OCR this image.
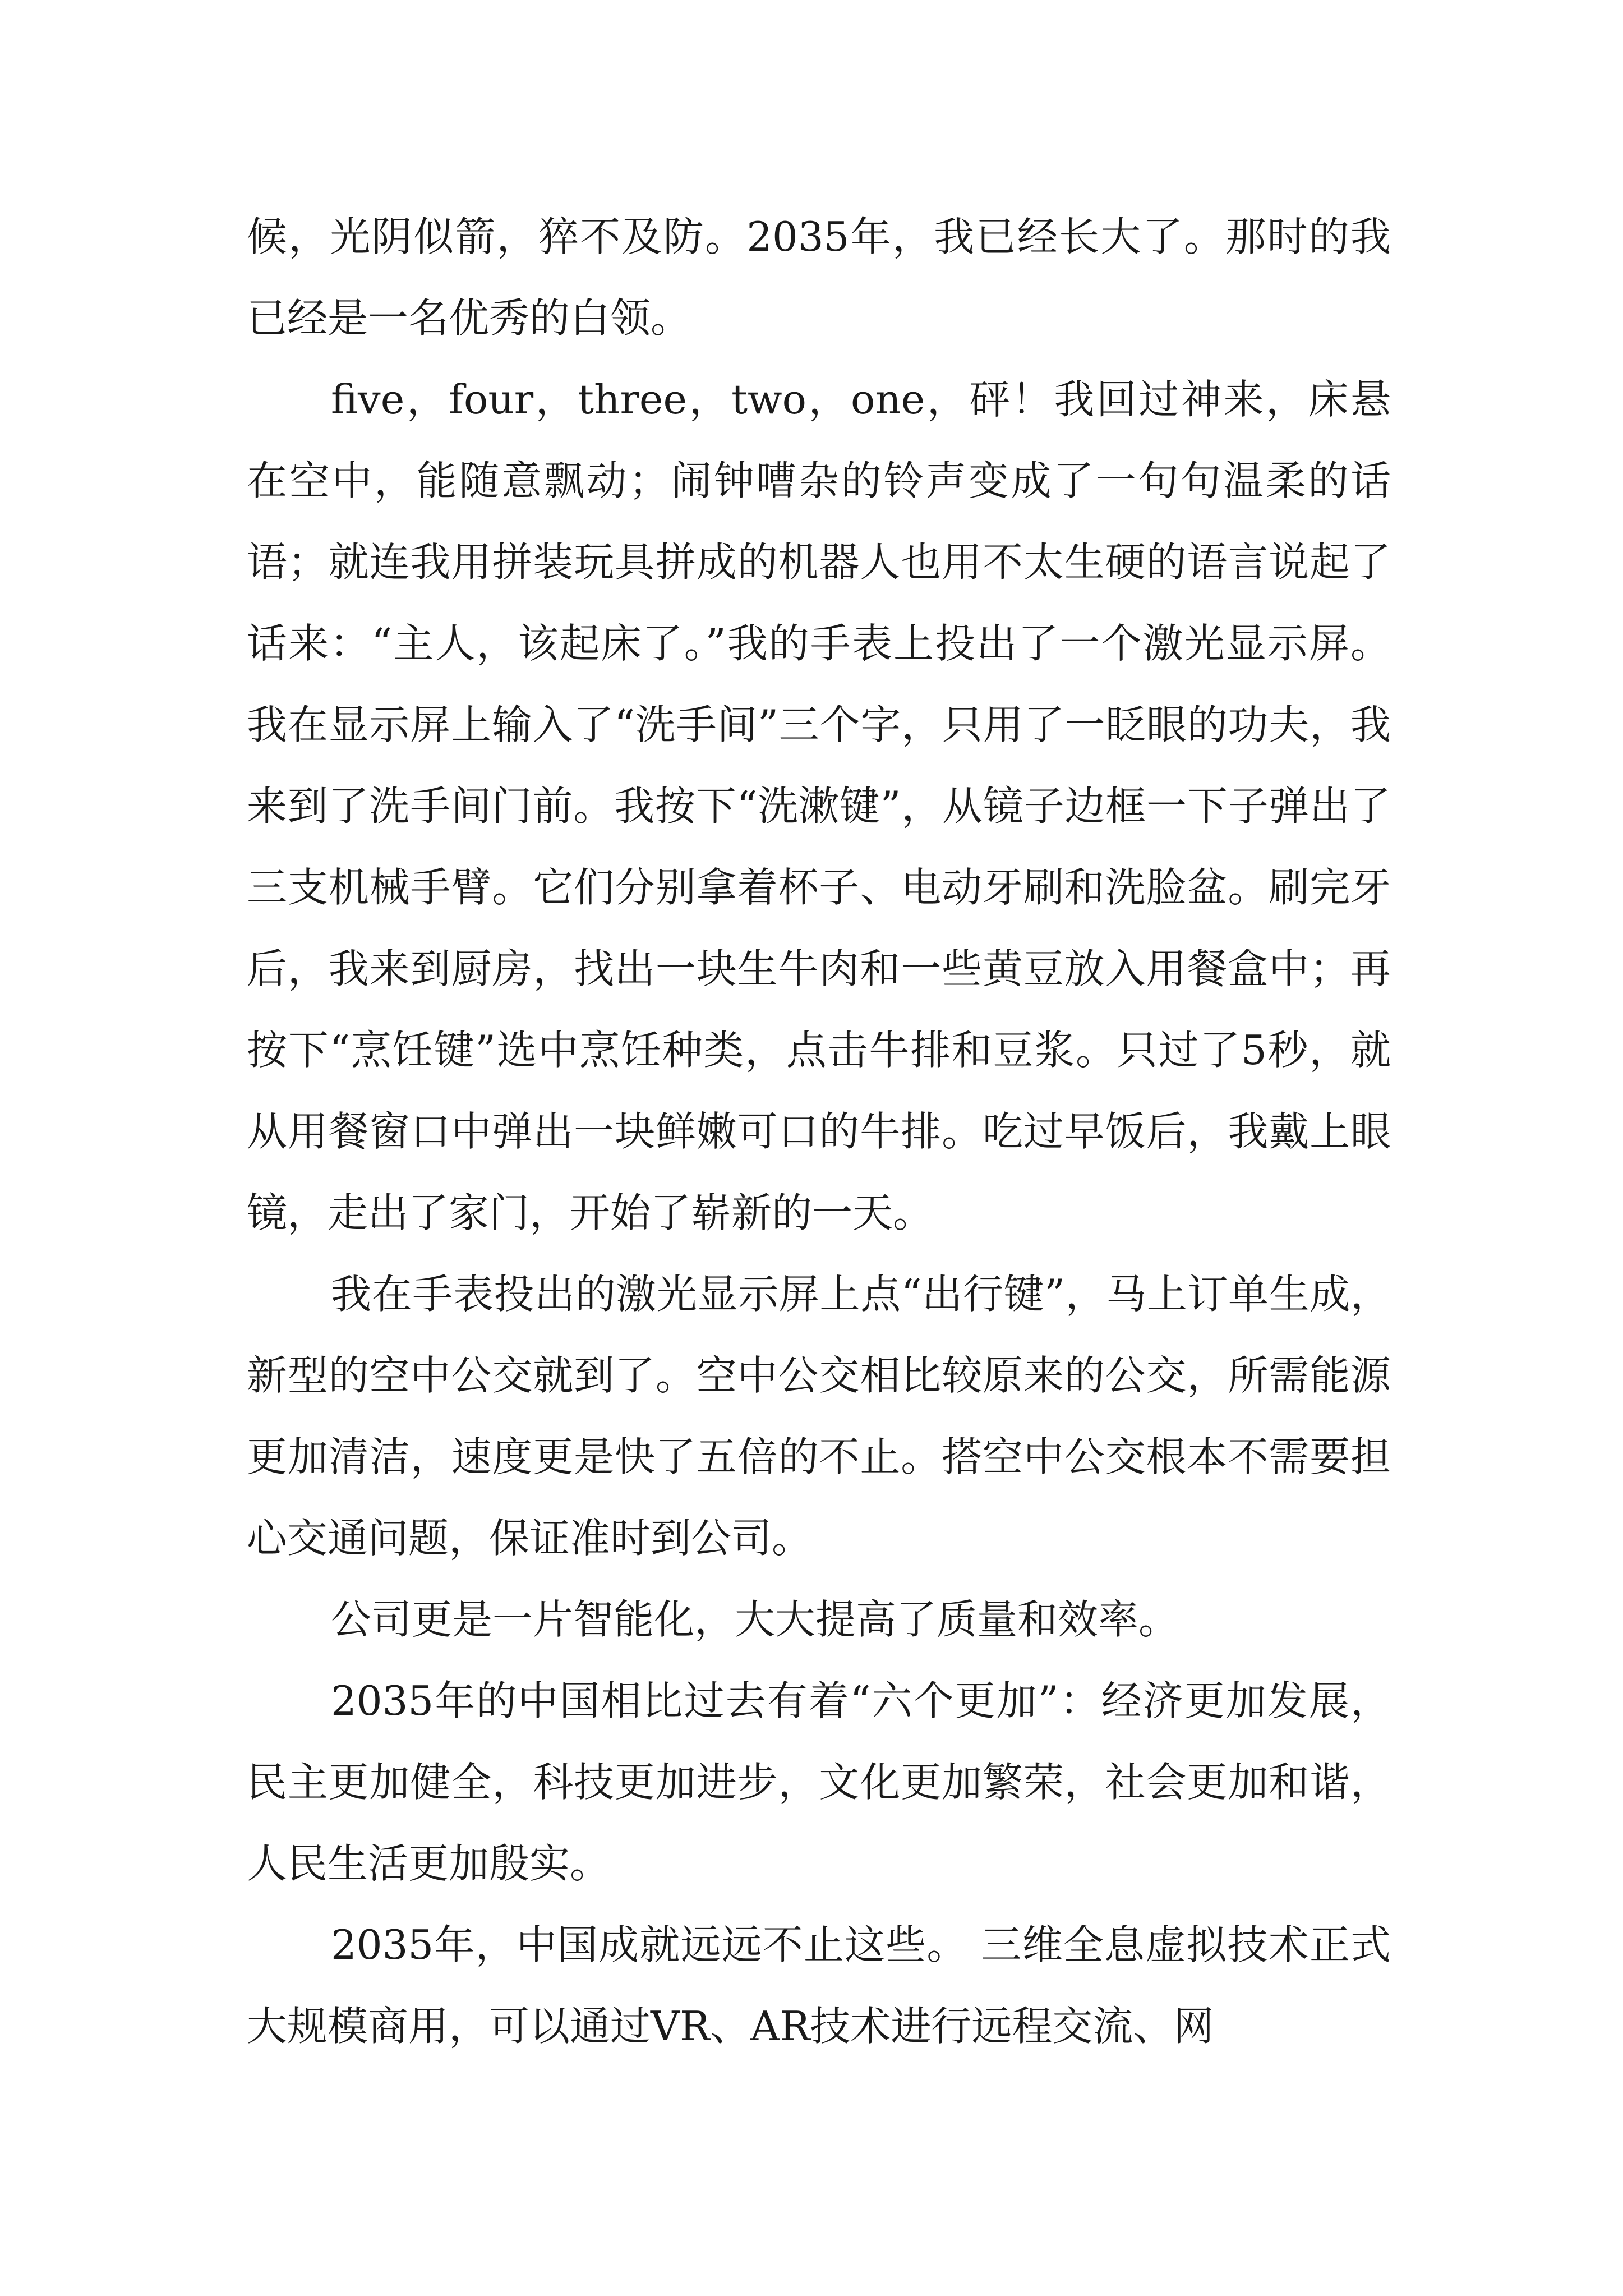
候，光阴似箭，猝不及防。2035年，我已经长大了。那时的我已经是一名优秀的白领。

five，four，three，two，one，砰！我回过神来，床悬在空中，能随意飘动；闹钟嘈杂的铃声变成了一句句温柔的话语；就连我用拼装玩具拼成的机器人也用不太生硬的语言说起了话来：“主人，该起床了。”我的手表上投出了一个激光显示屏。我在显示屏上输入了“洗手间”三个字，只用了一眨眼的功夫，我来到了洗手间门前。我按下“洗漱键”，从镜子边框一下子弹出了三支机械手臂。它们分别拿着杯子、电动牙刷和洗脸盆。刷完牙后，我来到厨房，找出一块生牛肉和一些黄豆放入用餐盒中；再按下“烹饪键”选中烹饪种类，点击牛排和豆浆。只过了5秒，就从用餐窗口中弹出一块鲜嫩可口的牛排。吃过早饭后，我戴上眼镜，走出了家门，开始了崭新的一天。

我在手表投出的激光显示屏上点“出行键”，马上订单生成，新型的空中公交就到了。空中公交相比较原来的公交，所需能源更加清洁，速度更是快了五倍的不止。搭空中公交根本不需要担心交通问题，保证准时到公司。

公司更是一片智能化，大大提高了质量和效率。

2035年的中国相比过去有着“六个更加”：经济更加发展，民主更加健全，科技更加进步，文化更加繁荣，社会更加和谐，人民生活更加殷实。

2035年，中国成就远远不止这些。 三维全息虚拟技术正式大规模商用，可以通过VR、AR技术进行远程交流、网
